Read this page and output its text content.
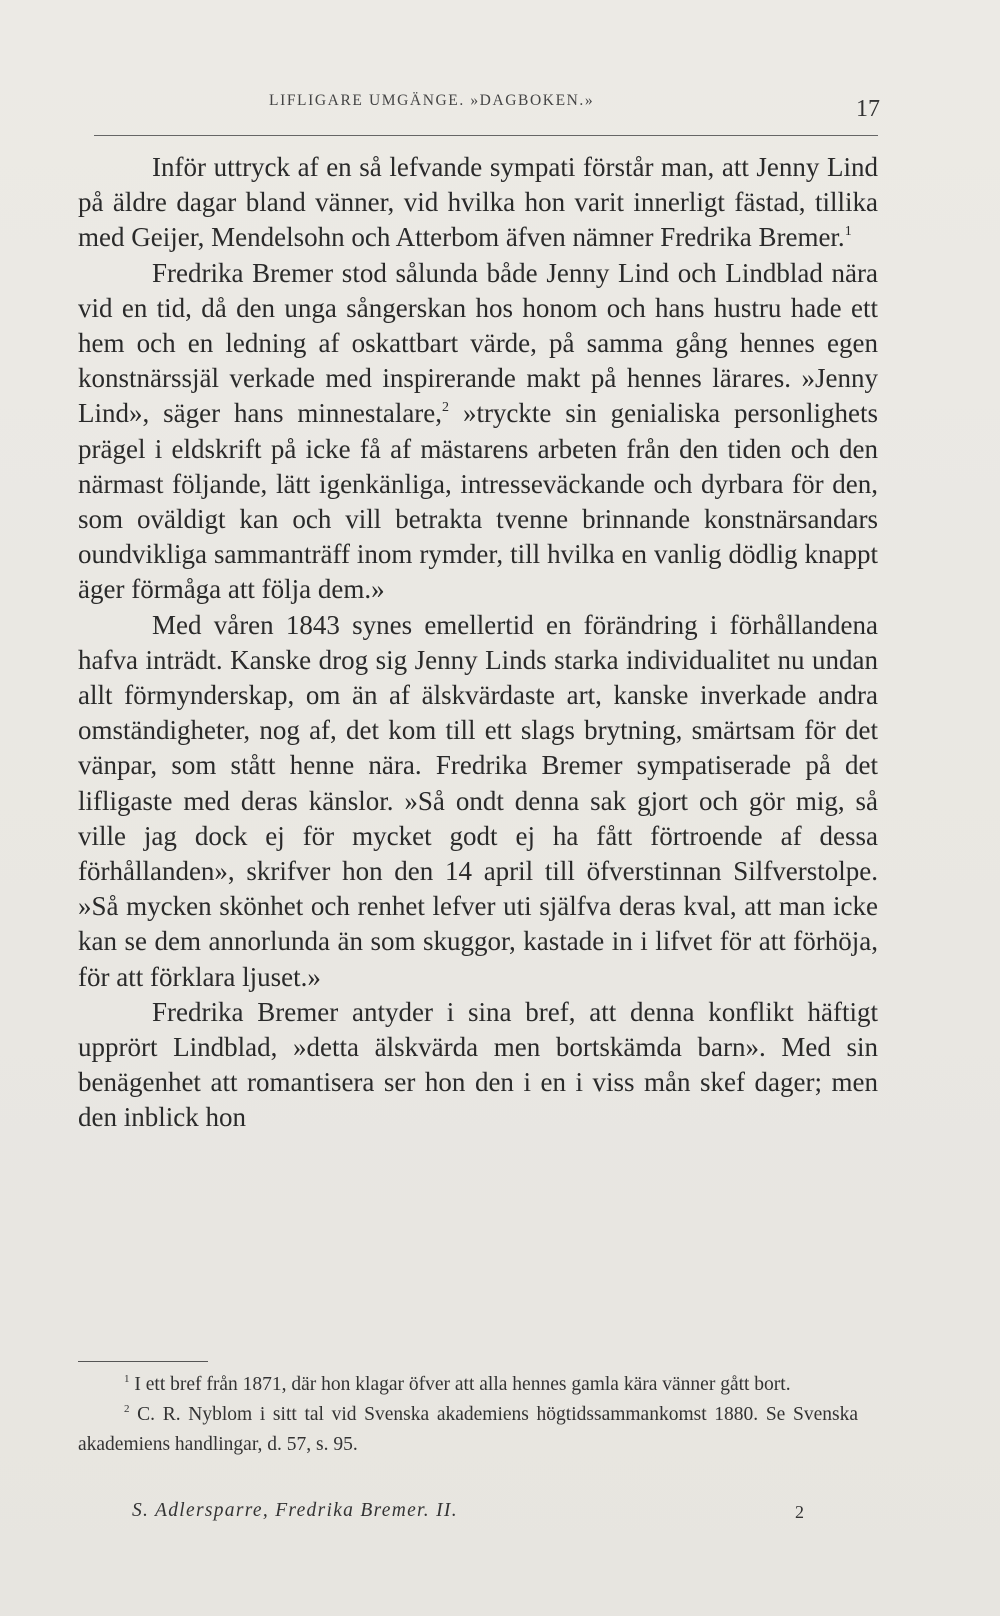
LIFLIGARE UMGÄNGE. »DAGBOKEN.»	17

Inför uttryck af en så lefvande sympati förstår man, att Jenny Lind på äldre dagar bland vänner, vid hvilka hon varit innerligt fästad, tillika med Geijer, Mendelsohn och Atterbom äfven nämner Fredrika Bremer.$^1$

Fredrika Bremer stod sålunda både Jenny Lind och Lindblad nära vid en tid, då den unga sångerskan hos honom och hans hustru hade ett hem och en ledning af oskattbart värde, på samma gång hennes egen konstnärssjäl verkade med inspirerande makt på hennes lärares. »Jenny Lind», säger hans minnestalare,$^2$ »tryckte sin genialiska personlighets prägel i eldskrift på icke få af mästarens arbeten från den tiden och den närmast följande, lätt igenkänliga, intresseväckande och dyrbara för den, som oväldigt kan och vill betrakta tvenne brinnande konstnärsandars oundvikliga sammanträff inom rymder, till hvilka en vanlig dödlig knappt äger förmåga att följa dem.»

Med våren 1843 synes emellertid en förändring i förhållandena hafva inträdt. Kanske drog sig Jenny Linds starka individualitet nu undan allt förmynderskap, om än af älskvärdaste art, kanske inverkade andra omständigheter, nog af, det kom till ett slags brytning, smärtsam för det vänpar, som stått henne nära. Fredrika Bremer sympatiserade på det lifligaste med deras känslor. »Så ondt denna sak gjort och gör mig, så ville jag dock ej för mycket godt ej ha fått förtroende af dessa förhållanden», skrifver hon den 14 april till öfverstinnan Silfverstolpe. »Så mycken skönhet och renhet lefver uti själfva deras kval, att man icke kan se dem annorlunda än som skuggor, kastade in i lifvet för att förhöja, för att förklara ljuset.»

Fredrika Bremer antyder i sina bref, att denna konflikt häftigt upprört Lindblad, »detta älskvärda men bortskämda barn». Med sin benägenhet att romantisera ser hon den i en i viss mån skef dager; men den inblick hon

$^1$ I ett bref från 1871, där hon klagar öfver att alla hennes gamla kära vänner gått bort.

$^2$ C. R. Nyblom i sitt tal vid Svenska akademiens högtidssammankomst 1880. Se Svenska akademiens handlingar, d. 57, s. 95.

S. Adlersparre, Fredrika Bremer. II.	2
